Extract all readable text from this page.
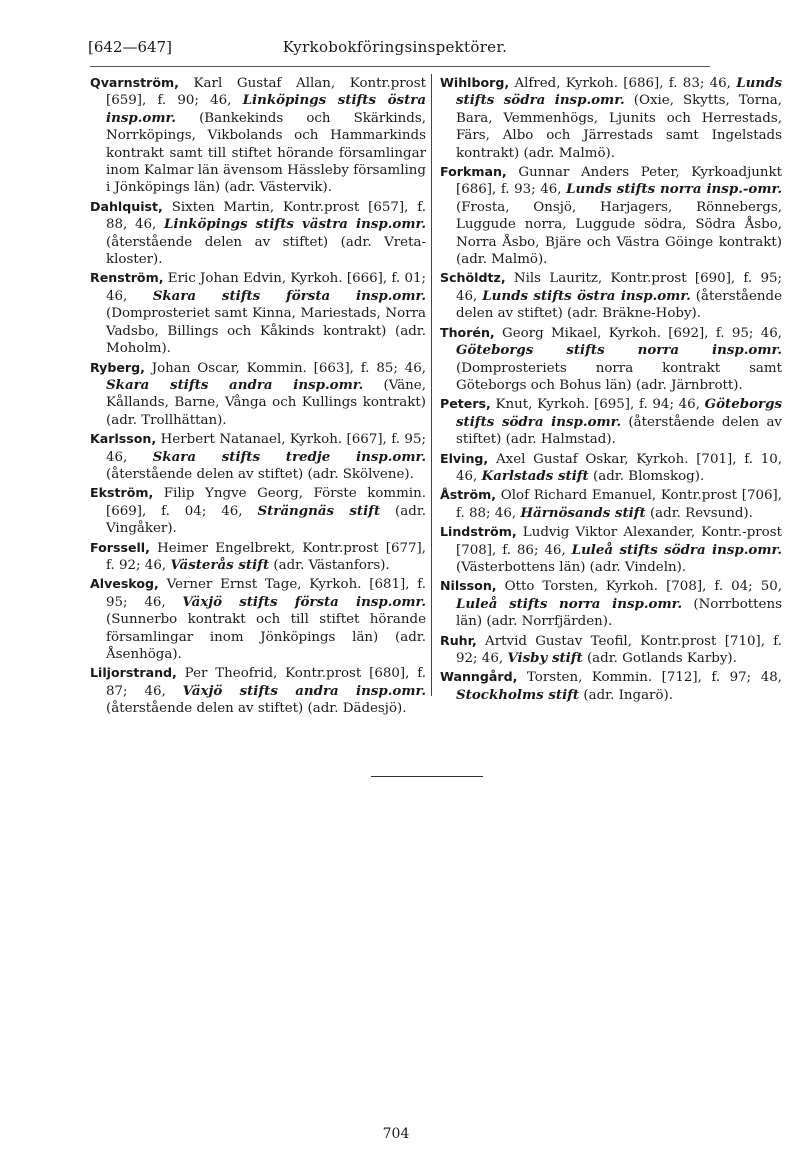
[642—647]	Kyrkobokföringsinspektörer.

Qvarnström, Karl Gustaf Allan, Kontr.prost [659], f. 90; 46, Linköpings stifts östra insp.omr. (Bankekinds och Skärkinds, Norrköpings, Vikbolands och Hammarkinds kontrakt samt till stiftet hörande församlingar inom Kalmar län ävensom Hässleby församling i Jönköpings län) (adr. Västervik).

Dahlquist, Sixten Martin, Kontr.prost [657], f. 88, 46, Linköpings stifts västra insp.omr. (återstående delen av stiftet) (adr. Vreta-kloster).

Renström, Eric Johan Edvin, Kyrkoh. [666], f. 01; 46, Skara stifts första insp.omr. (Domprosteriet samt Kinna, Mariestads, Norra Vadsbo, Billings och Kåkinds kontrakt) (adr. Moholm).

Ryberg, Johan Oscar, Kommin. [663], f. 85; 46, Skara stifts andra insp.omr. (Väne, Kållands, Barne, Vånga och Kullings kontrakt) (adr. Trollhättan).

Karlsson, Herbert Natanael, Kyrkoh. [667], f. 95; 46, Skara stifts tredje insp.omr. (återstående delen av stiftet) (adr. Skölvene).

Ekström, Filip Yngve Georg, Förste kommin. [669], f. 04; 46, Strängnäs stift (adr. Vingåker).

Forssell, Heimer Engelbrekt, Kontr.prost [677], f. 92; 46, Västerås stift (adr. Västanfors).

Alveskog, Verner Ernst Tage, Kyrkoh. [681], f. 95; 46, Växjö stifts första insp.omr. (Sunnerbo kontrakt och till stiftet hörande församlingar inom Jönköpings län) (adr. Åsenhöga).

Liljorstrand, Per Theofrid, Kontr.prost [680], f. 87; 46, Växjö stifts andra insp.omr. (återstående delen av stiftet) (adr. Dädesjö).

Wihlborg, Alfred, Kyrkoh. [686], f. 83; 46, Lunds stifts södra insp.omr. (Oxie, Skytts, Torna, Bara, Vemmenhögs, Ljunits och Herrestads, Färs, Albo och Järrestads samt Ingelstads kontrakt) (adr. Malmö).

Forkman, Gunnar Anders Peter, Kyrkoadjunkt [686], f. 93; 46, Lunds stifts norra insp.-omr. (Frosta, Onsjö, Harjagers, Rönnebergs, Luggude norra, Luggude södra, Södra Åsbo, Norra Åsbo, Bjäre och Västra Göinge kontrakt) (adr. Malmö).

Schöldtz, Nils Lauritz, Kontr.prost [690], f. 95; 46, Lunds stifts östra insp.omr. (återstående delen av stiftet) (adr. Bräkne-Hoby).

Thorén, Georg Mikael, Kyrkoh. [692], f. 95; 46, Göteborgs stifts norra insp.omr. (Domprosteriets norra kontrakt samt Göteborgs och Bohus län) (adr. Järnbrott).

Peters, Knut, Kyrkoh. [695], f. 94; 46, Göteborgs stifts södra insp.omr. (återstående delen av stiftet) (adr. Halmstad).

Elving, Axel Gustaf Oskar, Kyrkoh. [701], f. 10, 46, Karlstads stift (adr. Blomskog).

Åström, Olof Richard Emanuel, Kontr.prost [706], f. 88; 46, Härnösands stift (adr. Revsund).

Lindström, Ludvig Viktor Alexander, Kontr.-prost [708], f. 86; 46, Luleå stifts södra insp.omr. (Västerbottens län) (adr. Vindeln).

Nilsson, Otto Torsten, Kyrkoh. [708], f. 04; 50, Luleå stifts norra insp.omr. (Norrbottens län) (adr. Norrfjärden).

Ruhr, Artvid Gustav Teofil, Kontr.prost [710], f. 92; 46, Visby stift (adr. Gotlands Karby).

Wanngård, Torsten, Kommin. [712], f. 97; 48, Stockholms stift (adr. Ingarö).

704
